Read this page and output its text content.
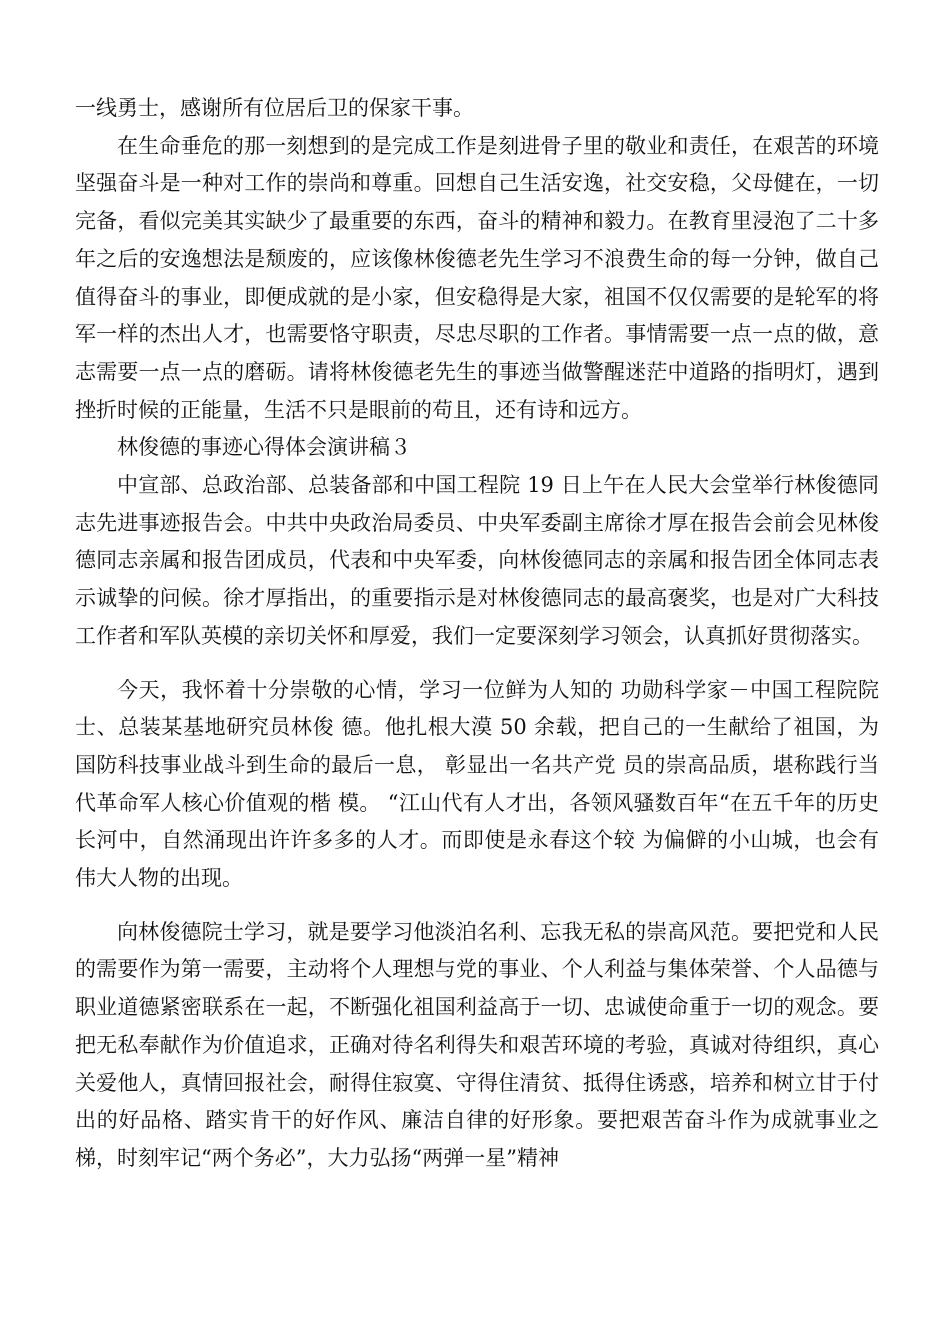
一线勇士，感谢所有位居后卫的保家干事。

在生命垂危的那一刻想到的是完成工作是刻进骨子里的敬业和责任，在艰苦的环境坚强奋斗是一种对工作的崇尚和尊重。回想自己生活安逸，社交安稳，父母健在，一切完备，看似完美其实缺少了最重要的东西，奋斗的精神和毅力。在教育里浸泡了二十多年之后的安逸想法是颓废的，应该像林俊德老先生学习不浪费生命的每一分钟，做自己值得奋斗的事业，即便成就的是小家，但安稳得是大家，祖国不仅仅需要的是轮军的将军一样的杰出人才，也需要恪守职责，尽忠尽职的工作者。事情需要一点一点的做，意志需要一点一点的磨砺。请将林俊德老先生的事迹当做警醒迷茫中道路的指明灯，遇到挫折时候的正能量，生活不只是眼前的苟且，还有诗和远方。

林俊德的事迹心得体会演讲稿３

中宣部、总政治部、总装备部和中国工程院 19 日上午在人民大会堂举行林俊德同志先进事迹报告会。中共中央政治局委员、中央军委副主席徐才厚在报告会前会见林俊德同志亲属和报告团成员，代表和中央军委，向林俊德同志的亲属和报告团全体同志表示诚挚的问候。徐才厚指出，的重要指示是对林俊德同志的最高褒奖，也是对广大科技工作者和军队英模的亲切关怀和厚爱，我们一定要深刻学习领会，认真抓好贯彻落实。

今天，我怀着十分崇敬的心情，学习一位鲜为人知的 功勋科学家－中国工程院院士、总装某基地研究员林俊 德。他扎根大漠 50 余载，把自己的一生献给了祖国，为 国防科技事业战斗到生命的最后一息， 彰显出一名共产党 员的崇高品质，堪称践行当代革命军人核心价值观的楷 模。 “江山代有人才出，各领风骚数百年“在五千年的历史 长河中，自然涌现出许许多多的人才。而即使是永春这个较 为偏僻的小山城，也会有伟大人物的出现。

向林俊德院士学习，就是要学习他淡泊名利、忘我无私的崇高风范。要把党和人民的需要作为第一需要，主动将个人理想与党的事业、个人利益与集体荣誉、个人品德与职业道德紧密联系在一起，不断强化祖国利益高于一切、忠诚使命重于一切的观念。要把无私奉献作为价值追求，正确对待名利得失和艰苦环境的考验，真诚对待组织，真心关爱他人，真情回报社会，耐得住寂寞、守得住清贫、抵得住诱惑，培养和树立甘于付出的好品格、踏实肯干的好作风、廉洁自律的好形象。要把艰苦奋斗作为成就事业之梯，时刻牢记“两个务必”，大力弘扬“两弹一星”精神
